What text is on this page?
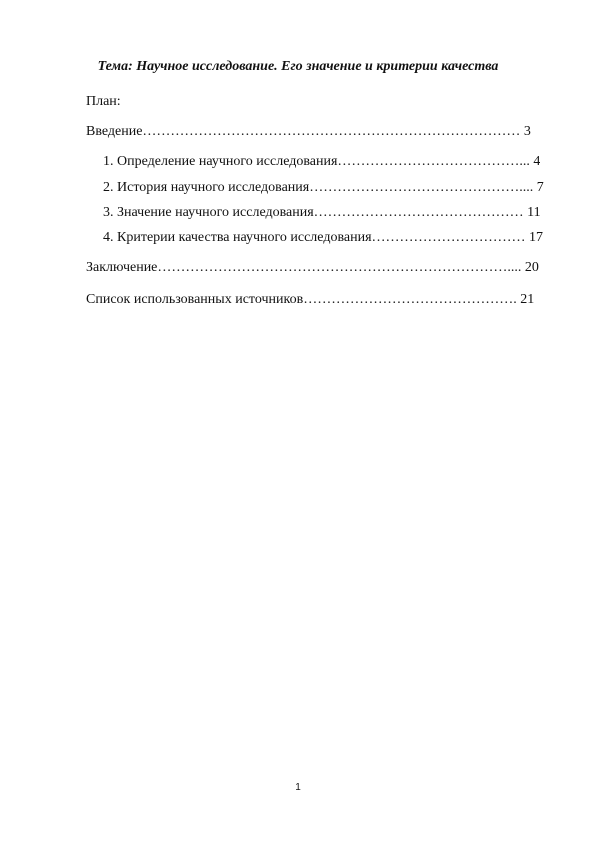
Тема: Научное исследование. Его значение и критерии качества
План:
Введение……………………………………………………………………… 3
1. Определение научного исследования…………………………………... 4
2. История научного исследования……………………………………….... 7
3. Значение научного исследования……………………………………… 11
4. Критерии качества научного исследования…………………………… 17
Заключение………………………………………………………………….... 20
Список использованных источников………………………………………. 21
1
